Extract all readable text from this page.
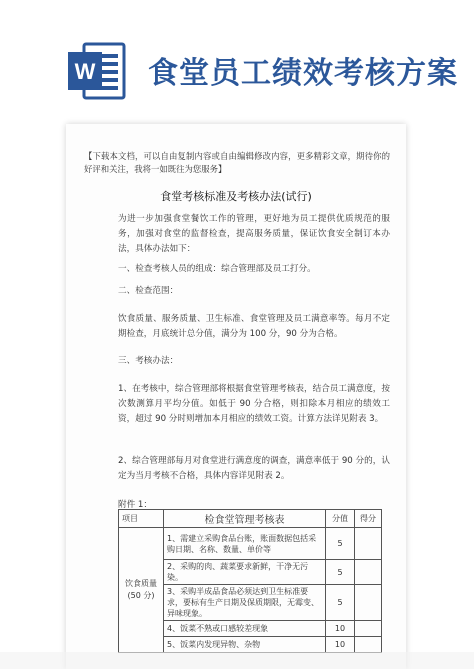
W 食堂员工绩效考核方案
【下载本文档，可以自由复制内容或自由编辑修改内容，更多精彩文章，期待你的好评和关注，我将一如既往为您服务】
食堂考核标准及考核办法(试行)
为进一步加强食堂餐饮工作的管理，更好地为员工提供优质规范的服务，加强对食堂的监督检查，提高服务质量，保证饮食安全制订本办法，具体办法如下：
一、检查考核人员的组成：综合管理部及员工打分。
二、检查范围：
饮食质量、服务质量、卫生标准、食堂管理及员工满意率等。每月不定期检查，月底统计总分值，满分为 100 分，90 分为合格。
三、考核办法：
1、在考核中，综合管理部将根据食堂管理考核表，结合员工满意度，按次数测算月平均分值。如低于 90 分合格，则扣除本月相应的绩效工资，超过 90 分时则增加本月相应的绩效工资。计算方法详见附表 3。
2、综合管理部每月对食堂进行满意度的调查，满意率低于 90 分的，认定为当月考核不合格，具体内容详见附表 2。
附件 1：
项目	检食堂管理考核表	分值	得分
饮食质量(50 分)	1、需建立采购食品台账，账面数据包括采购日期、名称、数量、单价等	5	
	2、采购的肉、蔬菜要求新鲜，干净无污染。	5	
	3、采购半成品食品必须达到卫生标准要求，要标有生产日期及保质期限，无霉变、异味现象。	5	
	4、饭菜不熟或口感较差现象	10	
	5、饭菜内发现异物、杂物	10	
